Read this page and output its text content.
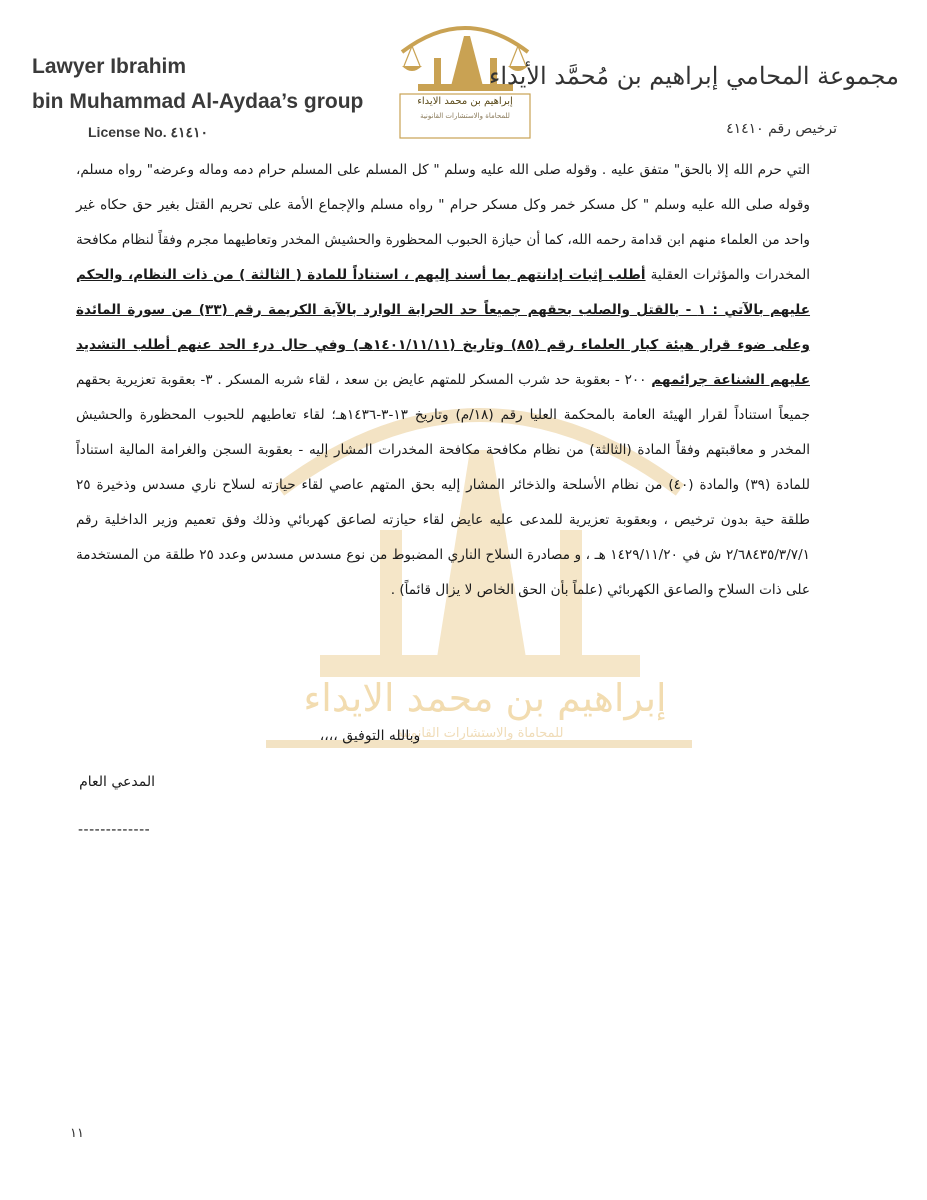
Lawyer Ibrahim
bin Muhammad Al-Aydaa’s group
License No. ٤١٤١٠
إبراهيم بن محمد الايداء
للمحاماة والاستشارات القانونية
مجموعة المحامي إبراهيم بن مُحمَّد الأيداء
ترخيص رقم ٤١٤١٠
إبراهيم بن محمد الايداء
للمحاماة والاستشارات القانونية
التي حرم الله إلا بالحق" متفق عليه . وقوله صلى الله عليه وسلم " كل المسلم على المسلم حرام دمه وماله وعرضه" رواه مسلم، وقوله صلى الله عليه وسلم " كل مسكر خمر وكل مسكر حرام " رواه مسلم والإجماع الأمة على تحريم القتل بغير حق حكاه غير واحد من العلماء منهم ابن قدامة رحمه الله، كما أن حيازة الحبوب المحظورة والحشيش المخدر وتعاطيهما مجرم وفقاً لنظام مكافحة المخدرات والمؤثرات العقلية أطلب إثبات إدانتهم بما أسند إليهم ، استناداً للمادة ( الثالثة ) من ذات النظام، والحكم عليهم بالآتي : ١ - بالقتل والصلب بحقهم جميعاً حد الحرابة الوارد بالآية الكريمة رقم (٣٣) من سورة المائدة وعلى ضوء قرار هيئة كبار العلماء رقم (٨٥) وتاريخ (١٤٠١/١١/١١هـ) وفي حال درء الحد عنهم أطلب التشديد عليهم الشناعة جرائمهم ٢٠٠ - بعقوبة حد شرب المسكر للمتهم عايض بن سعد ، لقاء شربه المسكر . ٣- بعقوبة تعزيرية بحقهم جميعاً استناداً لقرار الهيئة العامة بالمحكمة العليا رقم (١٨/م) وتاريخ ١٣-٣-١٤٣٦هـ؛ لقاء تعاطيهم للحبوب المحظورة والحشيش المخدر و معاقبتهم وفقاً المادة (الثالثة) من نظام مكافحة مكافحة المخدرات المشار إليه - بعقوبة السجن والغرامة المالية استناداً للمادة (٣٩) والمادة (٤٠) من نظام الأسلحة والذخائر المشار إليه بحق المتهم عاصي لقاء حيازته لسلاح ناري مسدس وذخيرة ٢٥ طلقة حية بدون ترخيص ، وبعقوبة تعزيرية للمدعى عليه عايض لقاء حيازته لصاعق كهربائي وذلك وفق تعميم وزير الداخلية رقم ٢/٦٨٤٣٥/٣/٧/١ ش في ١٤٢٩/١١/٢٠ هـ ، و مصادرة السلاح الناري المضبوط من نوع مسدس مسدس وعدد ٢٥ طلقة من المستخدمة على ذات السلاح والصاعق الكهربائي (علماً بأن الحق الخاص لا يزال قائماً) .
وبالله التوفيق ،،،،
المدعي العام
-------------
١١
